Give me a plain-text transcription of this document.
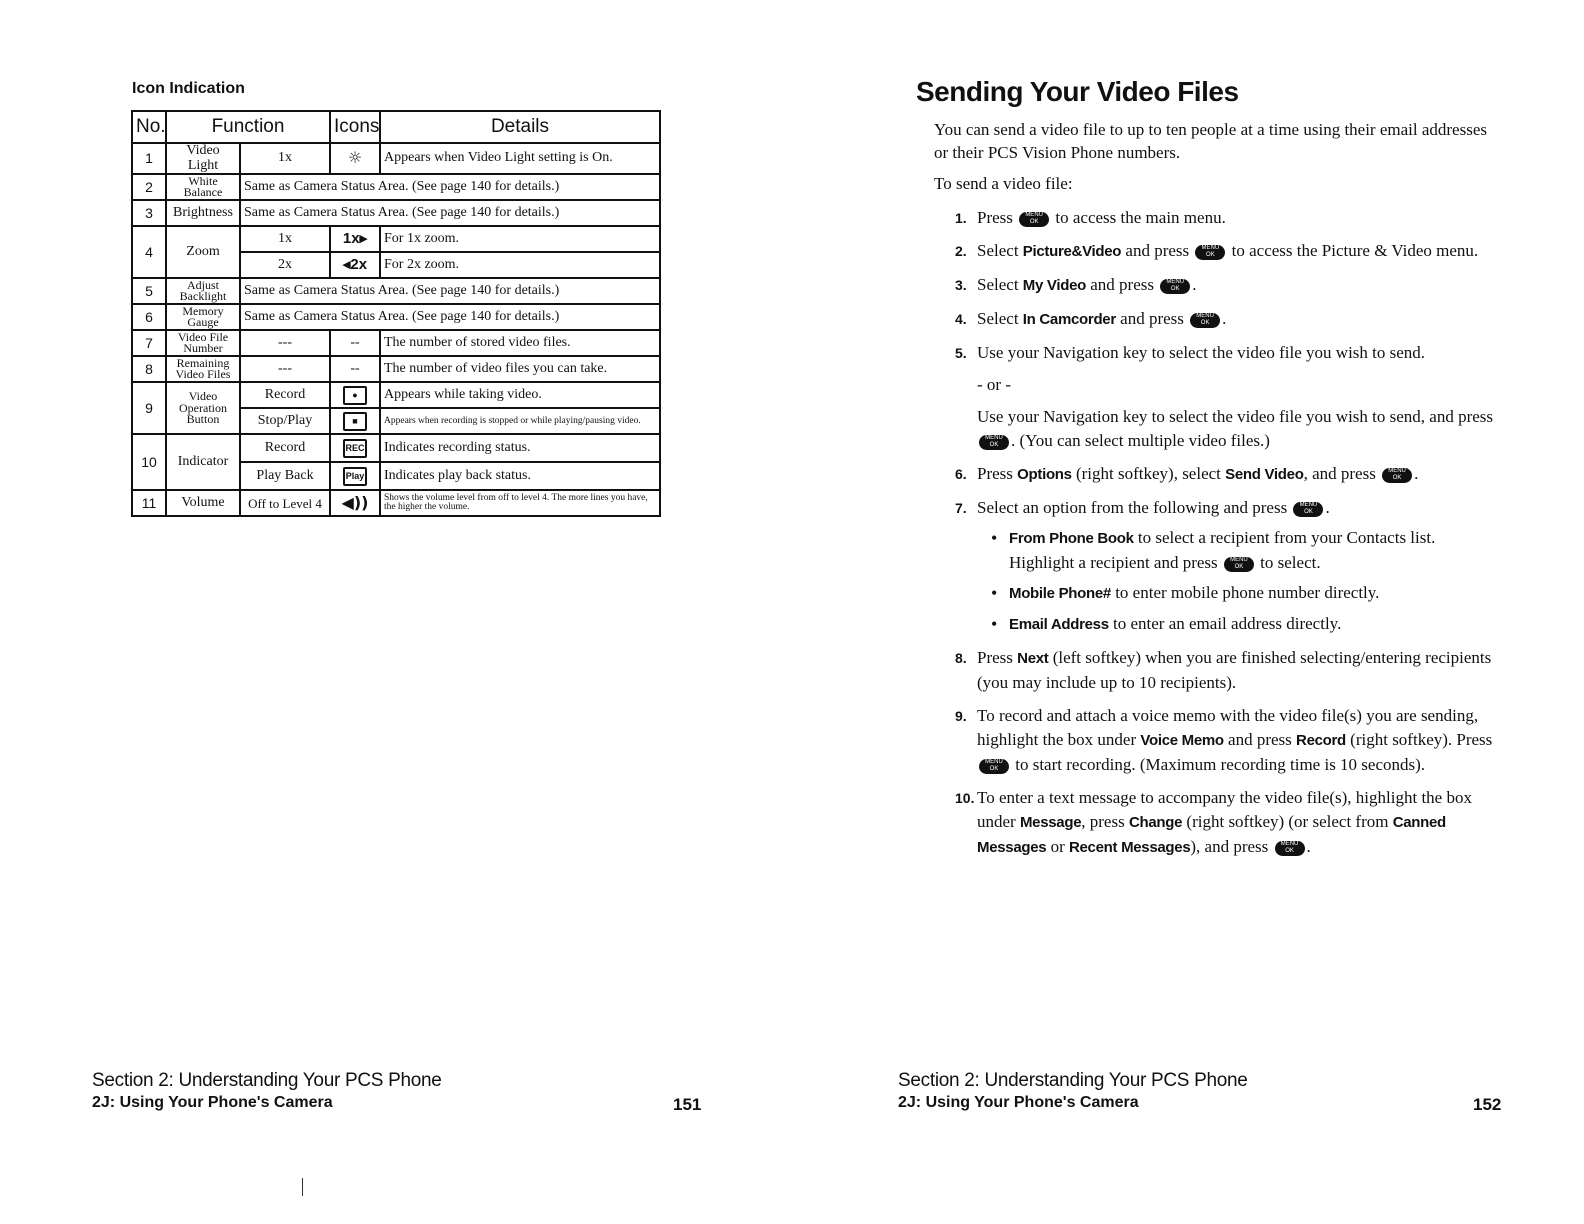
Icon Indication
No.	Function		Icons	Details
1	Video Light	1x	☼	Appears when Video Light setting is On.
2	White Balance	Same as Camera Status Area. (See page 140 for details.)		
3	Brightness	Same as Camera Status Area. (See page 140 for details.)		
4	Zoom	1x	1x▸	For 1x zoom.
		2x	◂2x	For 2x zoom.
5	Adjust Backlight	Same as Camera Status Area. (See page 140 for details.)		
6	Memory Gauge	Same as Camera Status Area. (See page 140 for details.)		
7	Video File Number	---	--	The number of stored video files.
8	Remaining Video Files	---	--	The number of video files you can take.
9	Video Operation Button	Record	●	Appears while taking video.
		Stop/Play	■	Appears when recording is stopped or while playing/pausing video.
10	Indicator	Record	REC	Indicates recording status.
		Play Back	Play	Indicates play back status.
11	Volume	Off to Level 4	◀))	Shows the volume level from off to level 4. The more lines you have, the higher the volume.
Section 2: Understanding Your PCS Phone
2J: Using Your Phone's Camera	151
Sending Your Video Files

You can send a video file to up to ten people at a time using their email addresses or their PCS Vision Phone numbers.

To send a video file:

1. Press	MENU
OK to access the main menu.
2. Select Picture&Video and press	MENU
OK to access the Picture & Video menu.
3. Select My Video and press	MENU
OK .
4. Select In Camcorder and press	MENU
OK .
5. Use your Navigation key to select the video file you wish to send.
- or -
Use your Navigation key to select the video file you wish to send, and press
MENU
OK . (You can select multiple video files.)
6. Press Options (right softkey), select Send Video, and press	MENU
OK .
7. Select an option from the following and press	MENU
OK .
• From Phone Book to select a recipient from your Contacts list. Highlight a recipient and press	MENU
OK to select.
• Mobile Phone# to enter mobile phone number directly.
• Email Address to enter an email address directly.
8. Press Next (left softkey) when you are finished selecting/entering recipients (you may include up to 10 recipients).
9. To record and attach a voice memo with the video file(s) you are sending, highlight the box under Voice Memo and press Record (right softkey). Press
MENU
OK to start recording. (Maximum recording time is 10 seconds).
10. To enter a text message to accompany the video file(s), highlight the box under Message, press Change (right softkey) (or select from Canned Messages or Recent Messages), and press	MENU
OK .
Section 2: Understanding Your PCS Phone
2J: Using Your Phone's Camera	152
